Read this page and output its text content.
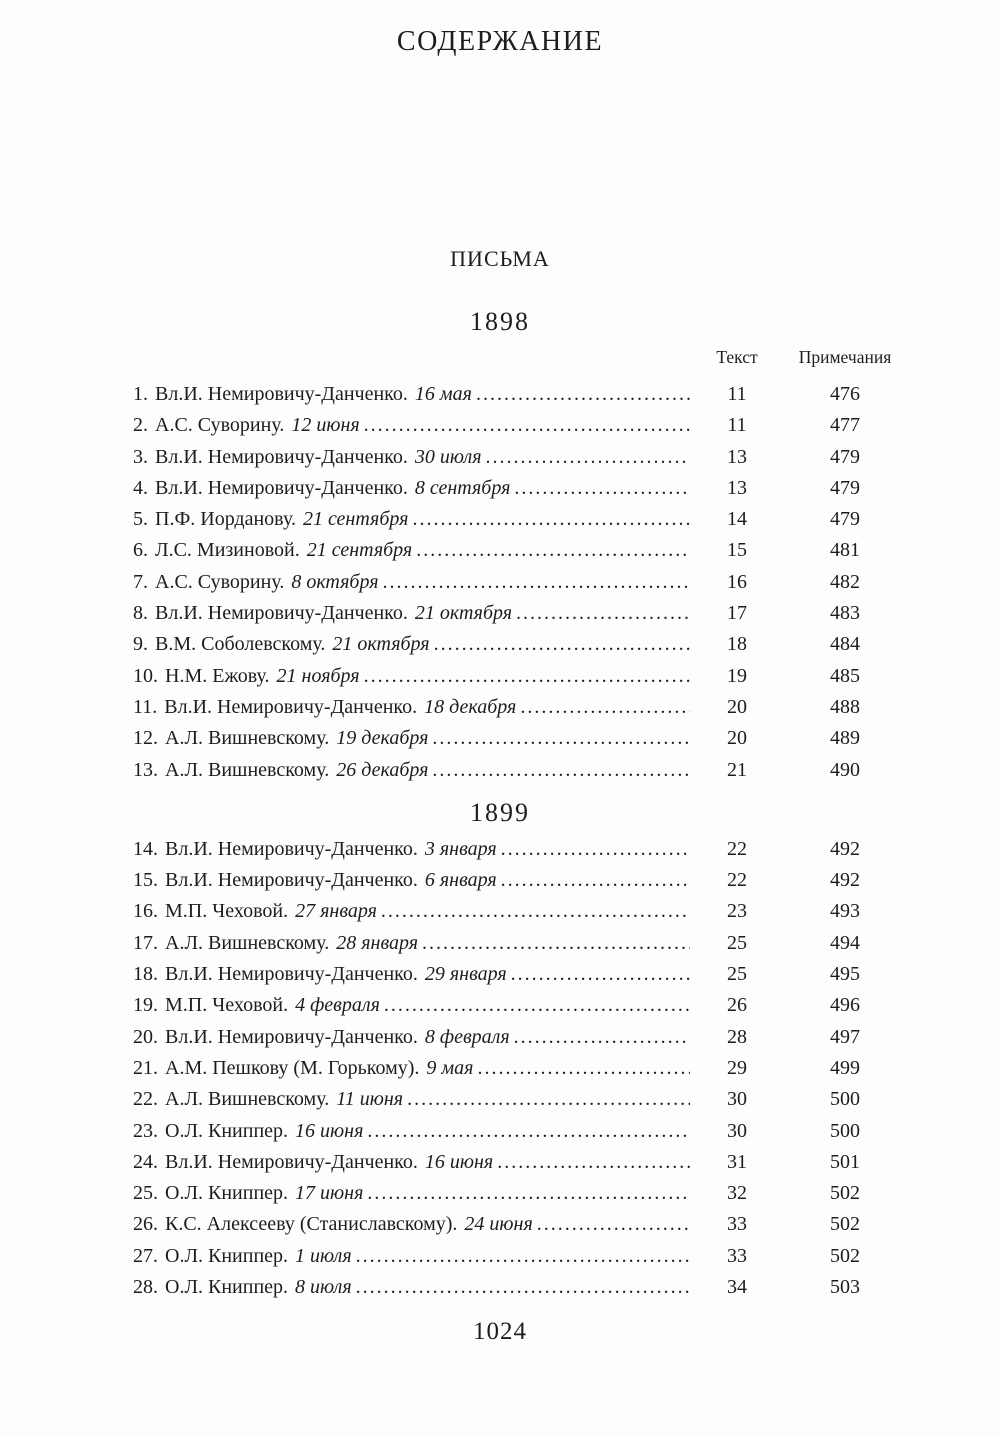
СОДЕРЖАНИЕ
ПИСЬМА
1898
Текст	Примечания
1. Вл.И. Немировичу-Данченко. 16 мая .....	11	476
2. А.С. Суворину. 12 июня .....	11	477
3. Вл.И. Немировичу-Данченко. 30 июля .....	13	479
4. Вл.И. Немировичу-Данченко. 8 сентября .....	13	479
5. П.Ф. Иорданову. 21 сентября .....	14	479
6. Л.С. Мизиновой. 21 сентября .....	15	481
7. А.С. Суворину. 8 октября .....	16	482
8. Вл.И. Немировичу-Данченко. 21 октября .....	17	483
9. В.М. Соболевскому. 21 октября .....	18	484
10. Н.М. Ежову. 21 ноября .....	19	485
11. Вл.И. Немировичу-Данченко. 18 декабря .....	20	488
12. А.Л. Вишневскому. 19 декабря .....	20	489
13. А.Л. Вишневскому. 26 декабря .....	21	490
1899
14. Вл.И. Немировичу-Данченко. 3 января .....	22	492
15. Вл.И. Немировичу-Данченко. 6 января .....	22	492
16. М.П. Чеховой. 27 января .....	23	493
17. А.Л. Вишневскому. 28 января .....	25	494
18. Вл.И. Немировичу-Данченко. 29 января .....	25	495
19. М.П. Чеховой. 4 февраля .....	26	496
20. Вл.И. Немировичу-Данченко. 8 февраля .....	28	497
21. А.М. Пешкову (М. Горькому). 9 мая .....	29	499
22. А.Л. Вишневскому. 11 июня .....	30	500
23. О.Л. Книппер. 16 июня .....	30	500
24. Вл.И. Немировичу-Данченко. 16 июня .....	31	501
25. О.Л. Книппер. 17 июня .....	32	502
26. К.С. Алексееву (Станиславскому). 24 июня .....	33	502
27. О.Л. Книппер. 1 июля .....	33	502
28. О.Л. Книппер. 8 июля .....	34	503
1024
